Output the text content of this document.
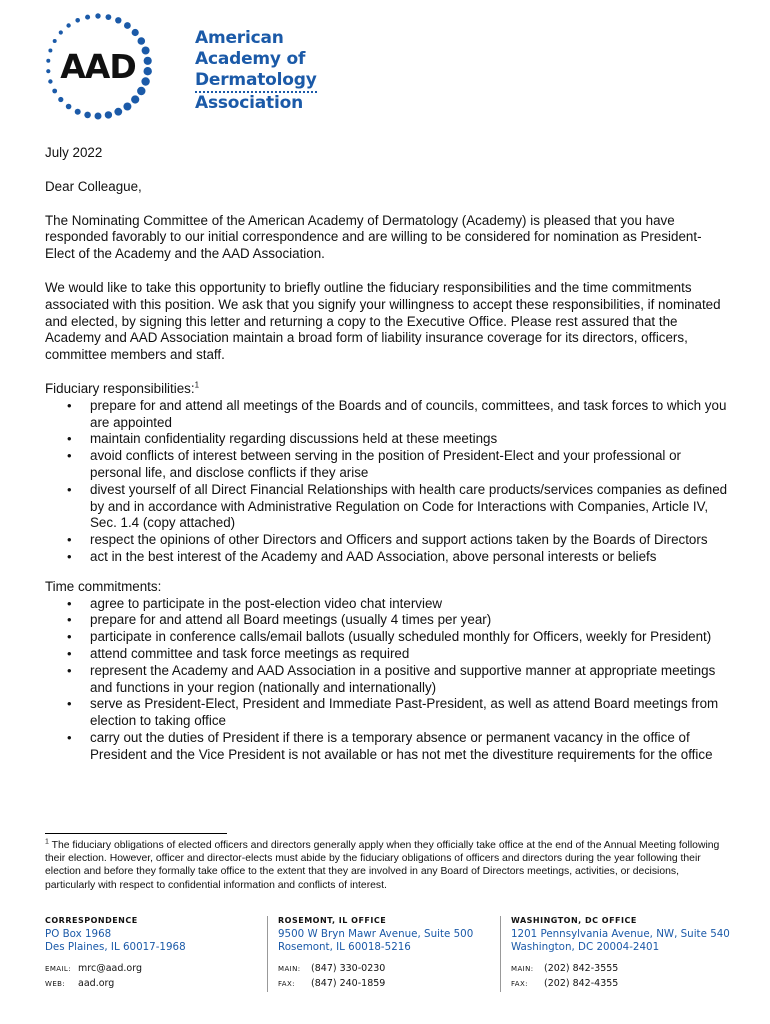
AAD
American
Academy of
Dermatology
Association

July 2022

Dear Colleague,

The Nominating Committee of the American Academy of Dermatology (Academy) is pleased that you have responded favorably to our initial correspondence and are willing to be considered for nomination as President-Elect of the Academy and the AAD Association.

We would like to take this opportunity to briefly outline the fiduciary responsibilities and the time commitments associated with this position. We ask that you signify your willingness to accept these responsibilities, if nominated and elected, by signing this letter and returning a copy to the Executive Office. Please rest assured that the Academy and AAD Association maintain a broad form of liability insurance coverage for its directors, officers, committee members and staff.

Fiduciary responsibilities:$^1$
• prepare for and attend all meetings of the Boards and of councils, committees, and task forces to which you are appointed
• maintain confidentiality regarding discussions held at these meetings
• avoid conflicts of interest between serving in the position of President-Elect and your professional or personal life, and disclose conflicts if they arise
• divest yourself of all Direct Financial Relationships with health care products/services companies as defined by and in accordance with Administrative Regulation on Code for Interactions with Companies, Article IV, Sec. 1.4 (copy attached)
• respect the opinions of other Directors and Officers and support actions taken by the Boards of Directors
• act in the best interest of the Academy and AAD Association, above personal interests or beliefs
Time commitments:
• agree to participate in the post-election video chat interview
• prepare for and attend all Board meetings (usually 4 times per year)
• participate in conference calls/email ballots (usually scheduled monthly for Officers, weekly for President)
• attend committee and task force meetings as required
• represent the Academy and AAD Association in a positive and supportive manner at appropriate meetings and functions in your region (nationally and internationally)
• serve as President-Elect, President and Immediate Past-President, as well as attend Board meetings from election to taking office
• carry out the duties of President if there is a temporary absence or permanent vacancy in the office of President and the Vice President is not available or has not met the divestiture requirements for the office
$^1$ The fiduciary obligations of elected officers and directors generally apply when they officially take office at the end of the Annual Meeting following their election. However, officer and director-elects must abide by the fiduciary obligations of officers and directors during the year following their election and before they formally take office to the extent that they are involved in any Board of Directors meetings, activities, or decisions, particularly with respect to confidential information and conflicts of interest.
CORRESPONDENCE
PO Box 1968
Des Plaines, IL 60017-1968
EMAIL: mrc@aad.org
WEB: aad.org
ROSEMONT, IL OFFICE
9500 W Bryn Mawr Avenue, Suite 500
Rosemont, IL 60018-5216
MAIN: (847) 330-0230
FAX: (847) 240-1859
WASHINGTON, DC OFFICE
1201 Pennsylvania Avenue, NW, Suite 540
Washington, DC 20004-2401
MAIN: (202) 842-3555
FAX: (202) 842-4355
